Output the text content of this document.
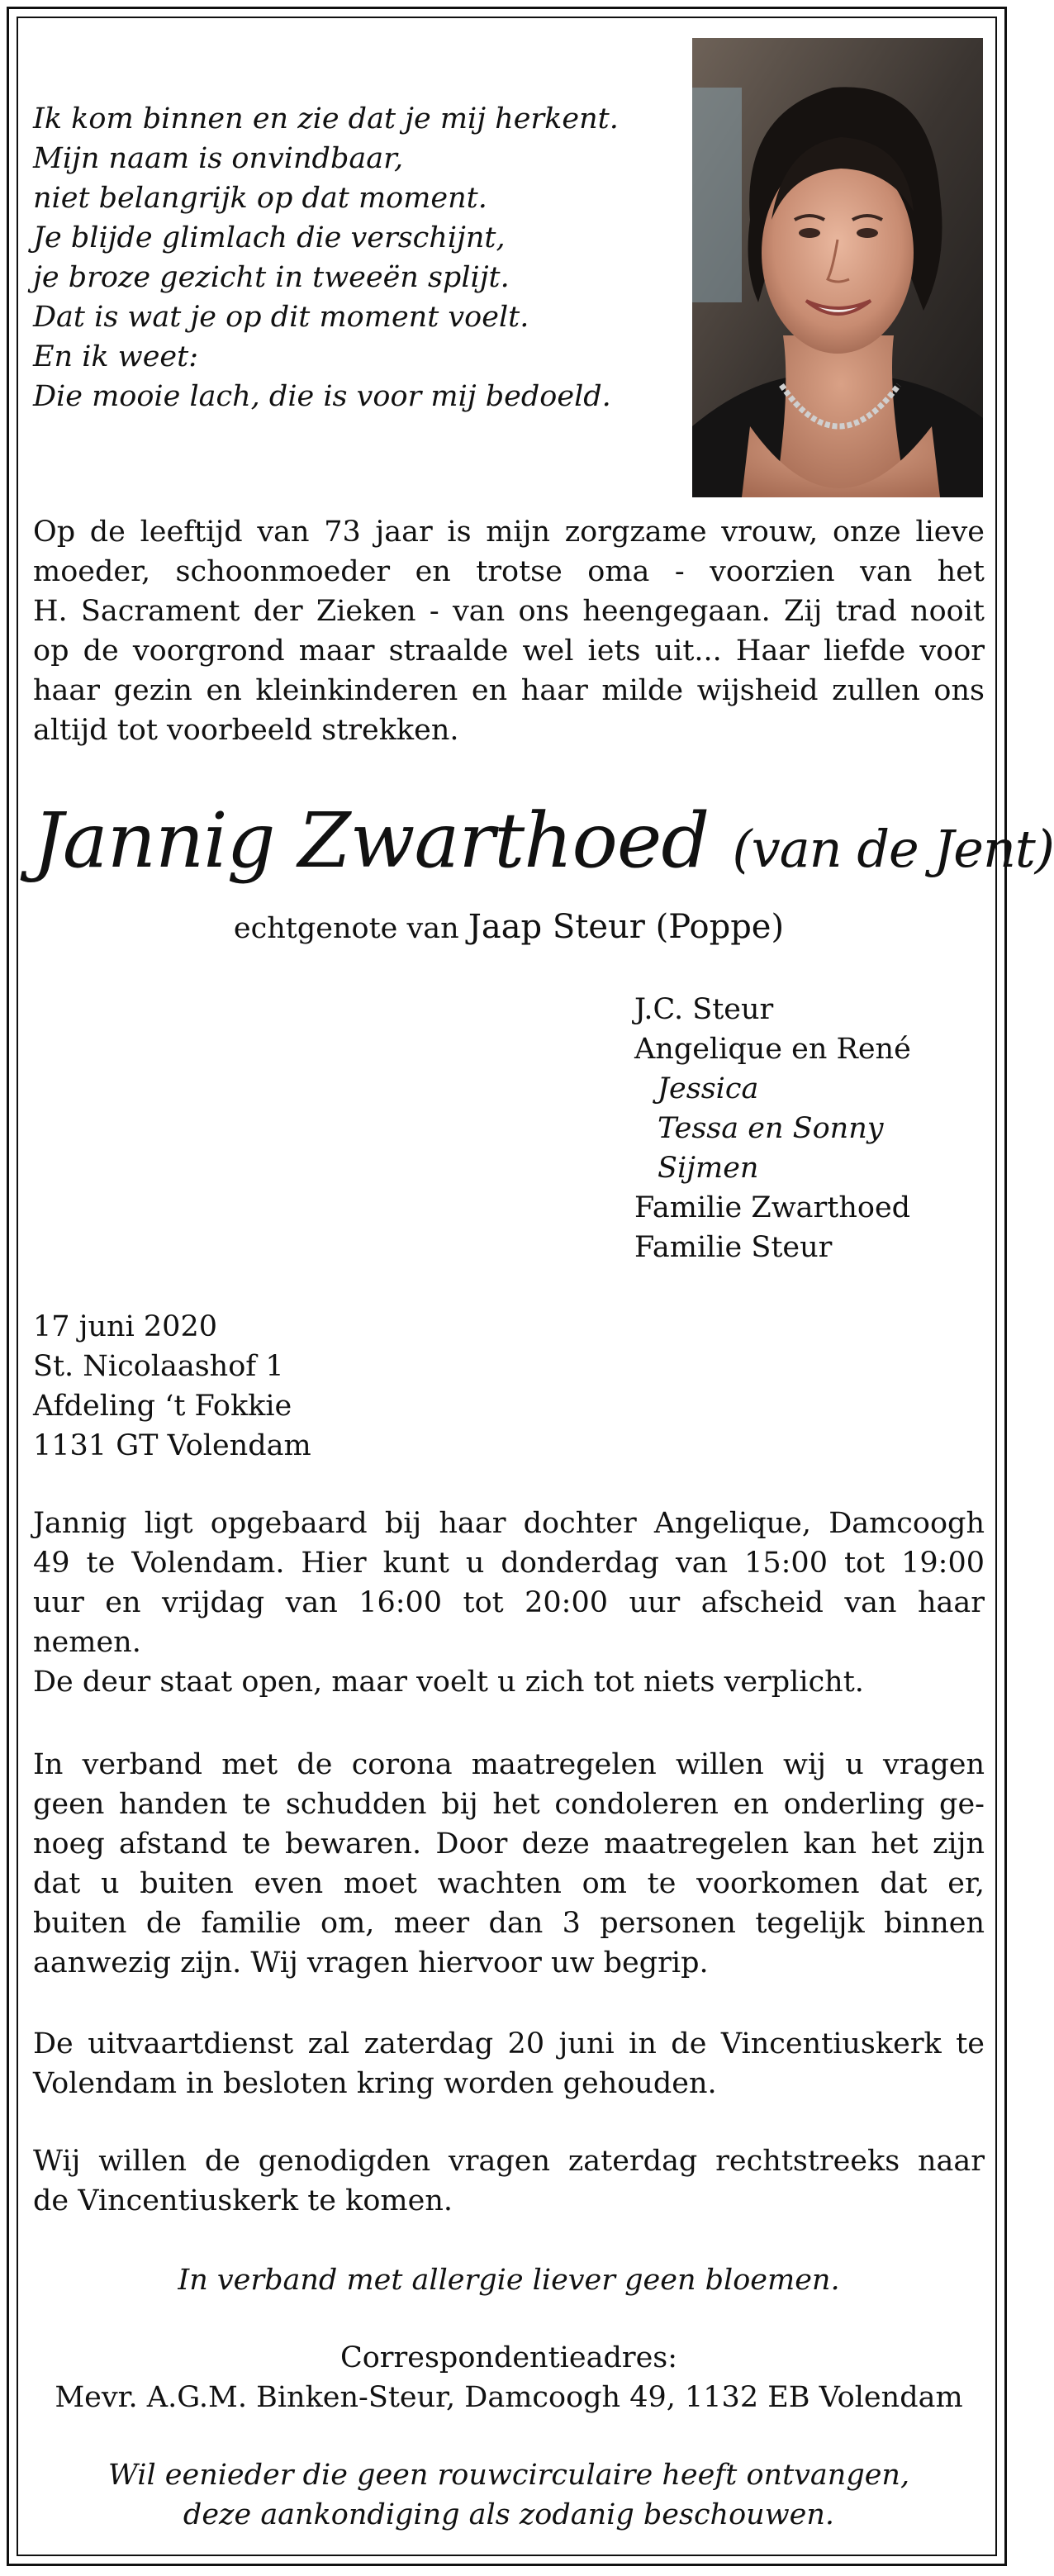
Ik kom binnen en zie dat je mij herkent.
Mijn naam is onvindbaar,
niet belangrijk op dat moment.
Je blijde glimlach die verschijnt,
je broze gezicht in tweeën splijt.
Dat is wat je op dit moment voelt.
En ik weet:
Die mooie lach, die is voor mij bedoeld.
Op de leeftijd van 73 jaar is mijn zorgzame vrouw, onze lieve
moeder, schoonmoeder en trotse oma - voorzien van het
H. Sacrament der Zieken - van ons heengegaan. Zij trad nooit
op de voorgrond maar straalde wel iets uit... Haar liefde voor
haar gezin en kleinkinderen en haar milde wijsheid zullen ons
altijd tot voorbeeld strekken.
Jannig Zwarthoed (van de Jent)
echtgenote van Jaap Steur (Poppe)
J.C. Steur
Angelique en René
Jessica
Tessa en Sonny
Sijmen
Familie Zwarthoed
Familie Steur
17 juni 2020
St. Nicolaashof 1
Afdeling ‘t Fokkie
1131 GT Volendam
Jannig ligt opgebaard bij haar dochter Angelique, Damcoogh
49 te Volendam. Hier kunt u donderdag van 15:00 tot 19:00
uur en vrijdag van 16:00 tot 20:00 uur afscheid van haar
nemen.
De deur staat open, maar voelt u zich tot niets verplicht.
In verband met de corona maatregelen willen wij u vragen
geen handen te schudden bij het condoleren en onderling ge-
noeg afstand te bewaren. Door deze maatregelen kan het zijn
dat u buiten even moet wachten om te voorkomen dat er,
buiten de familie om, meer dan 3 personen tegelijk binnen
aanwezig zijn. Wij vragen hiervoor uw begrip.
De uitvaartdienst zal zaterdag 20 juni in de Vincentiuskerk te
Volendam in besloten kring worden gehouden.
Wij willen de genodigden vragen zaterdag rechtstreeks naar
de Vincentiuskerk te komen.
In verband met allergie liever geen bloemen.
Correspondentieadres:
Mevr. A.G.M. Binken-Steur, Damcoogh 49, 1132 EB Volendam
Wil eenieder die geen rouwcirculaire heeft ontvangen,
deze aankondiging als zodanig beschouwen.
